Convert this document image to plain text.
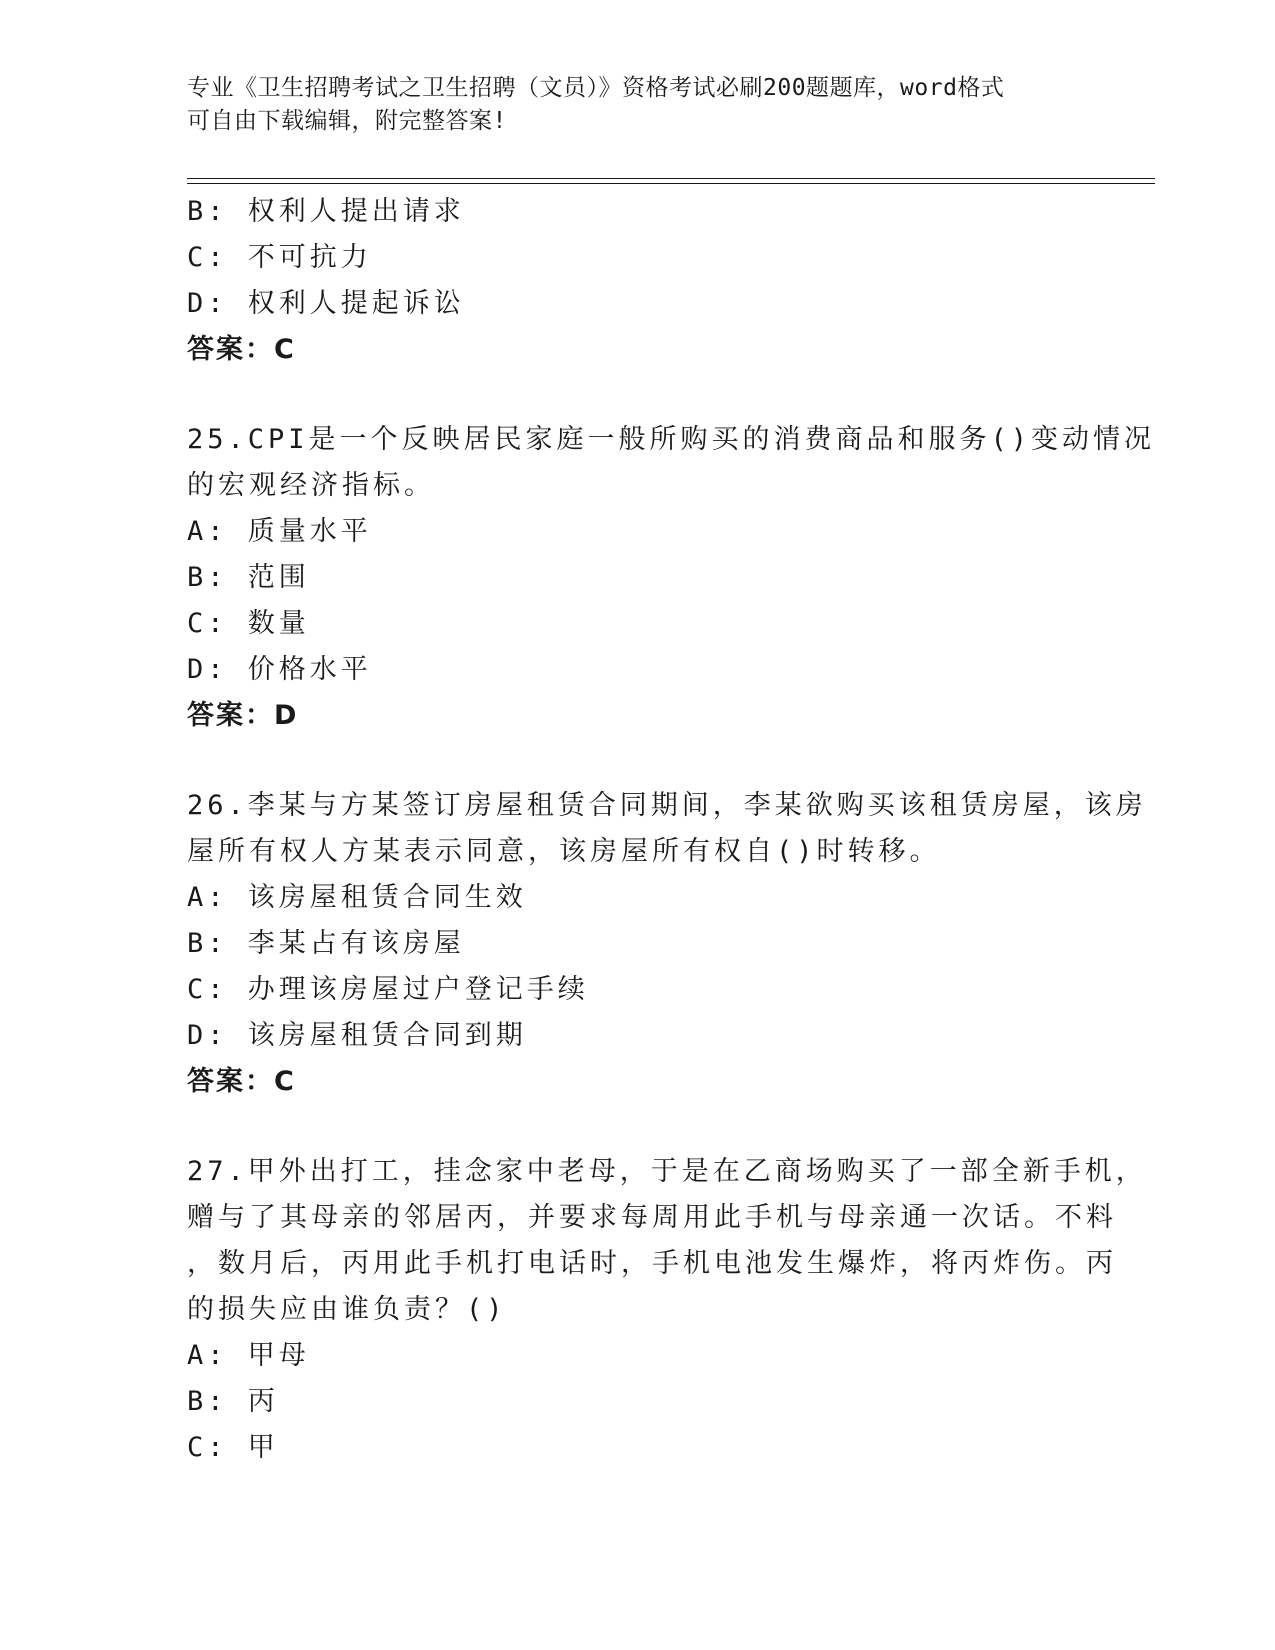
专业《卫生招聘考试之卫生招聘（文员）》资格考试必刷200题题库，word格式
可自由下载编辑，附完整答案!
B: 权利人提出请求
C: 不可抗力
D: 权利人提起诉讼
答案：C
25.CPI是一个反映居民家庭一般所购买的消费商品和服务()变动情况
的宏观经济指标。
A: 质量水平
B: 范围
C: 数量
D: 价格水平
答案：D
26.李某与方某签订房屋租赁合同期间，李某欲购买该租赁房屋，该房
屋所有权人方某表示同意，该房屋所有权自()时转移。
A: 该房屋租赁合同生效
B: 李某占有该房屋
C: 办理该房屋过户登记手续
D: 该房屋租赁合同到期
答案：C
27.甲外出打工，挂念家中老母，于是在乙商场购买了一部全新手机，
赠与了其母亲的邻居丙，并要求每周用此手机与母亲通一次话。不料
，数月后，丙用此手机打电话时，手机电池发生爆炸，将丙炸伤。丙
的损失应由谁负责？()
A: 甲母
B: 丙
C: 甲
